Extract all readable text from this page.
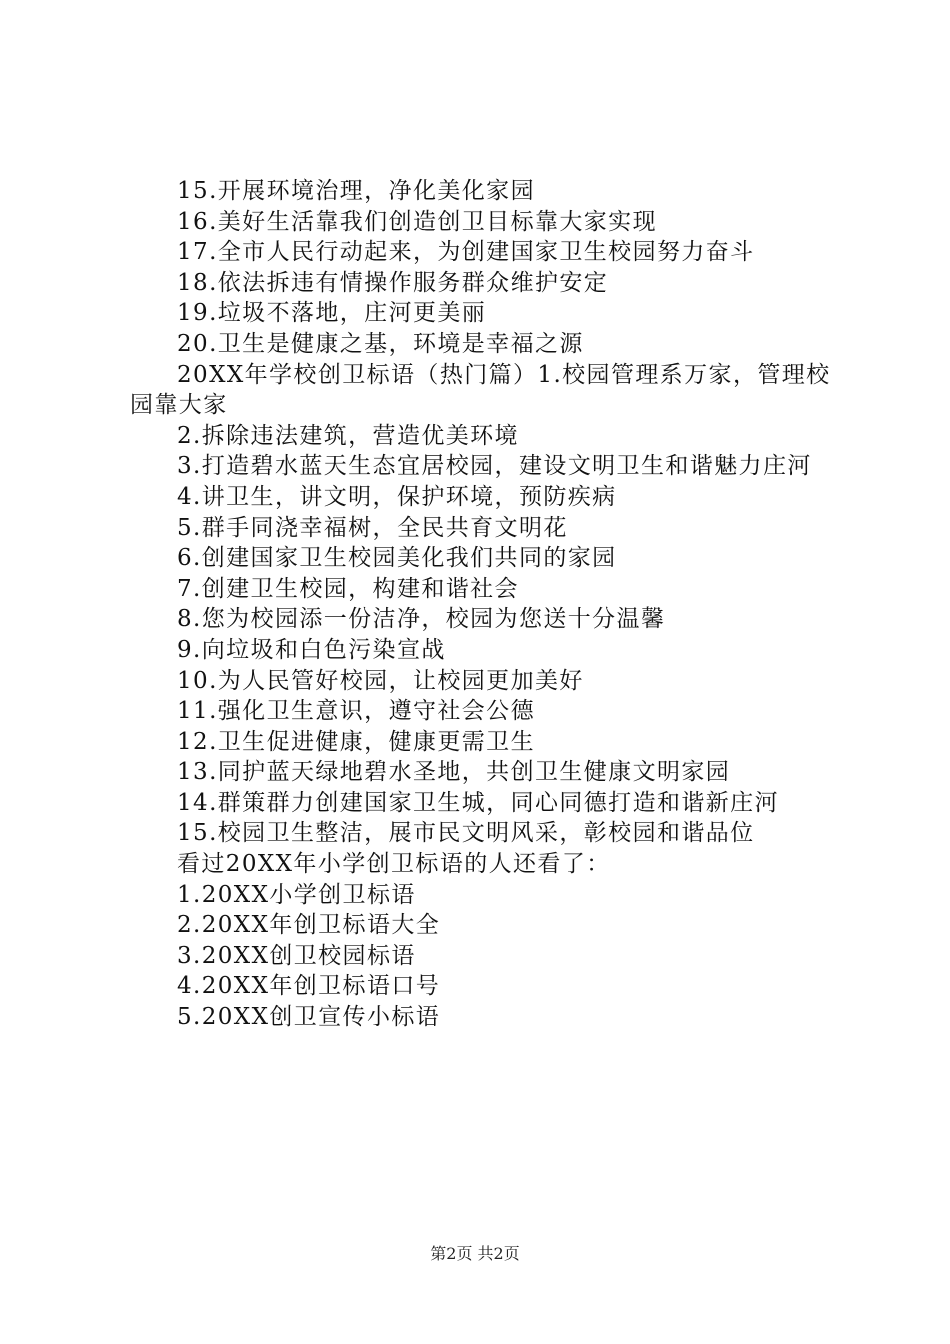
15.开展环境治理，净化美化家园
16.美好生活靠我们创造创卫目标靠大家实现
17.全市人民行动起来，为创建国家卫生校园努力奋斗
18.依法拆违有情操作服务群众维护安定
19.垃圾不落地，庄河更美丽
20.卫生是健康之基，环境是幸福之源
20XX年学校创卫标语（热门篇）1.校园管理系万家，管理校园靠大家
2.拆除违法建筑，营造优美环境
3.打造碧水蓝天生态宜居校园，建设文明卫生和谐魅力庄河
4.讲卫生，讲文明，保护环境，预防疾病
5.群手同浇幸福树，全民共育文明花
6.创建国家卫生校园美化我们共同的家园
7.创建卫生校园，构建和谐社会
8.您为校园添一份洁净，校园为您送十分温馨
9.向垃圾和白色污染宣战
10.为人民管好校园，让校园更加美好
11.强化卫生意识，遵守社会公德
12.卫生促进健康，健康更需卫生
13.同护蓝天绿地碧水圣地，共创卫生健康文明家园
14.群策群力创建国家卫生城，同心同德打造和谐新庄河
15.校园卫生整洁，展市民文明风采，彰校园和谐品位
看过20XX年小学创卫标语的人还看了：
1.20XX小学创卫标语
2.20XX年创卫标语大全
3.20XX创卫校园标语
4.20XX年创卫标语口号
5.20XX创卫宣传小标语
第2页 共2页
